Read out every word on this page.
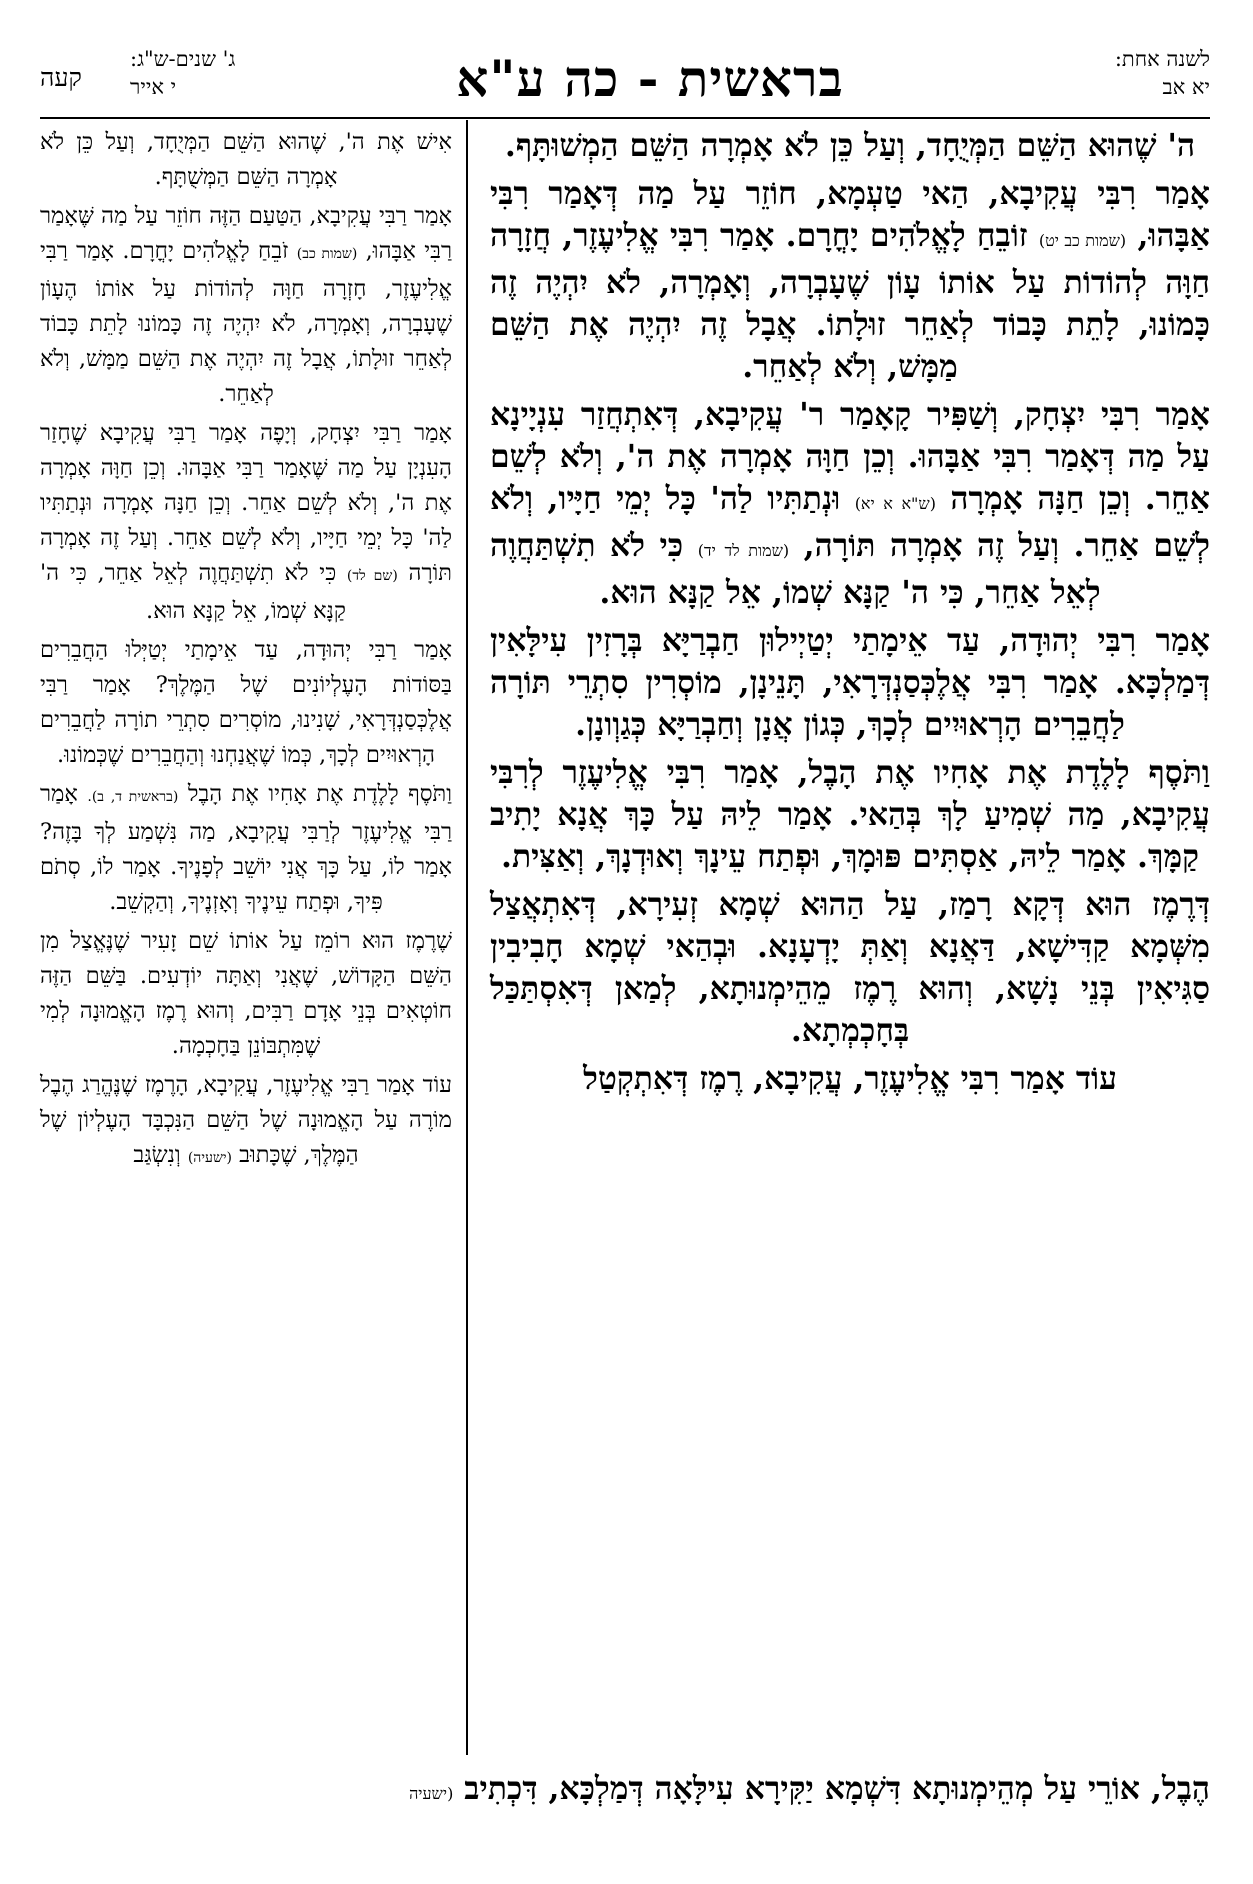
לשנה אחת:
יא אב
בראשית - כה ע"א
ג' שנים-ש"ג:
י אייר
קעה

ה' שֶׁהוּא הַשֵּׁם הַמְּיֻחָד, וְעַל כֵּן לֹא אָמְרָה הַשֵּׁם הַמְשׁוּתָּף.

אָמַר רִבִּי עֲקִיבָא, הַאי טַעְמָא, חוֹזֵר עַל מַה דְּאָמַר רִבִּי אַבָּהוּ, (שמות כב יט) זוֹבֵחַ לָאֱלֹהִים יָחֳרָם. אָמַר רִבִּי אֱלִיעֶזֶר, חֲזָרָה חַוָּה לְהוֹדוֹת עַל אוֹתוֹ עָוֹן שֶׁעָבְרָה, וְאָמְרָה, לֹא יִהְיֶה זֶה כָּמוֹנוּ, לָתֵת כָּבוֹד לְאַחֵר זוּלָתוֹ. אֲבָל זֶה יִהְיֶה אֶת הַשֵּׁם מַמָּשׁ, וְלֹא לְאַחֵר.

אָמַר רִבִּי יִצְחָק, וְשַׁפִּיר קָאָמַר ר' עֲקִיבָא, דְּאִתְחֲזַר עִנְיָינָא עַל מַה דְּאָמַר רִבִּי אַבָּהוּ. וְכֵן חַוָּה אָמְרָה אֶת ה', וְלֹא לְשֵׁם אַחֵר. וְכֵן חַנָּה אָמְרָה (ש"א א יא) וּנְתַתִּיו לַה' כָּל יְמֵי חַיָּיו, וְלֹא לְשֵׁם אַחֵר. וְעַל זֶה אָמְרָה תּוֹרָה, (שמות לד יד) כִּי לֹא תִשְׁתַּחֲוֶה לְאֵל אַחֵר, כִּי ה' קַנָּא שְׁמוֹ, אֵל קַנָּא הוּא.

אָמַר רִבִּי יְהוּדָה, עַד אֵימָתַי יְטַיְילוּן חַבְרַיָּא בְּרָזִין עִילָּאִין דְּמַלְכָּא. אָמַר רִבִּי אֲלֶכְּסַנְדְּרָאִי, תָּנֵינָן, מוֹסְרִין סִתְרֵי תּוֹרָה לַחֲבֵרִים הָרְאוּיִים לְכָךְ, כְּגוֹן אֲנָן וְחַבְרַיָּא כְּגַוְונָן.

וַתֹּסֶף לָלֶדֶת אֶת אָחִיו אֶת הָבֶל, אָמַר רִבִּי אֱלִיעֶזֶר לְרִבִּי עֲקִיבָא, מַה שְׁמִיעַ לָךְ בְּהַאי. אָמַר לֵיהּ עַל כָּךְ אֲנָא יָתִיב קַמָּךְ. אָמַר לֵיהּ, אַסְתִּים פּוּמָךְ, וּפְתַח עֵינָךְ וְאוּדְנָךְ, וְאַצִּית.

דְּרֶמֶז הוּא דְּקָא רָמַז, עַל הַהוּא שְׁמָא זְעִירָא, דְּאִתְאֲצַל מִשְּׁמָא קַדִּישָׁא, דַּאֲנָא וְאַתְּ יָדְעָנָא. וּבְהַאי שְׁמָא חָבִיבִין סַגִּיאִין בְּנֵי נָשָׁא, וְהוּא רֶמֶז מֵהֵימְנוּתָא, לְמַאן דְּאִסְתַּכַּל בְּחָכְמְתָא.

עוֹד אָמַר רִבִּי אֱלִיעֶזֶר, עֲקִיבָא, רֶמֶז דְּאִתְקְטַל

אִישׁ אֶת ה', שֶׁהוּא הַשֵּׁם הַמְּיֻחָד, וְעַל כֵּן לֹא אָמְרָה הַשֵּׁם הַמְּשֻׁתָּף.

אָמַר רַבִּי עֲקִיבָא, הַטַּעַם הַזֶּה חוֹזֵר עַל מַה שֶּׁאָמַר רַבִּי אַבָּהוּ, (שמות כב) זֹבֵחַ לָאֱלֹהִים יָחֳרָם. אָמַר רַבִּי אֱלִיעֶזֶר, חָזְרָה חַוָּה לְהוֹדוֹת עַל אוֹתוֹ הֶעָוֹן שֶׁעָבְרָה, וְאָמְרָה, לֹא יִהְיֶה זֶה כָּמוֹנוּ לָתֵת כָּבוֹד לְאַחֵר זוּלָתוֹ, אֲבָל זֶה יִהְיֶה אֶת הַשֵּׁם מַמָּשׁ, וְלֹא לְאַחֵר.

אָמַר רַבִּי יִצְחָק, וְיָפֶה אָמַר רַבִּי עֲקִיבָא שֶׁחָזַר הָעִנְיָן עַל מַה שֶּׁאָמַר רַבִּי אַבָּהוּ. וְכֵן חַוָּה אָמְרָה אֶת ה', וְלֹא לְשֵׁם אַחֵר. וְכֵן חַנָּה אָמְרָה וּנְתַתִּיו לַה' כָּל יְמֵי חַיָּיו, וְלֹא לְשֵׁם אַחֵר. וְעַל זֶה אָמְרָה תּוֹרָה (שם לד) כִּי לֹא תִשְׁתַּחֲוֶה לְאֵל אַחֵר, כִּי ה' קַנָּא שְׁמוֹ, אֵל קַנָּא הוּא.

אָמַר רַבִּי יְהוּדָה, עַד אֵימָתַי יְטַיְּלוּ הַחֲבֵרִים בַּסּוֹדוֹת הָעֶלְיוֹנִים שֶׁל הַמֶּלֶךְ? אָמַר רַבִּי אֲלֶכְּסַנְדְּרָאִי, שָׁנִינוּ, מוֹסְרִים סִתְרֵי תוֹרָה לַחֲבֵרִים הָרְאוּיִים לְכָךְ, כְּמוֹ שֶׁאֲנַחְנוּ וְהַחֲבֵרִים שֶׁכְּמוֹנוּ.

וַתֹּסֶף לָלֶדֶת אֶת אָחִיו אֶת הָבֶל (בראשית ד, ב). אָמַר רַבִּי אֱלִיעֶזֶר לְרַבִּי עֲקִיבָא, מַה נִּשְׁמַע לְךָ בָּזֶה? אָמַר לוֹ, עַל כָּךְ אֲנִי יוֹשֵׁב לְפָנֶיךָ. אָמַר לוֹ, סְתֹם פִּיךָ, וּפְתַח עֵינֶיךָ וְאָזְנֶיךָ, וְהַקְשֵׁב.

שֶׁרֶמֶז הוּא רוֹמֵז עַל אוֹתוֹ שֵׁם זָעִיר שֶׁנֶּאֱצַל מִן הַשֵּׁם הַקָּדוֹשׁ, שֶׁאֲנִי וְאַתָּה יוֹדְעִים. בַּשֵּׁם הַזֶּה חוֹטְאִים בְּנֵי אָדָם רַבִּים, וְהוּא רֶמֶז הָאֱמוּנָה לְמִי שֶׁמִּתְבּוֹנֵן בַּחָכְמָה.

עוֹד אָמַר רַבִּי אֱלִיעֶזֶר, עֲקִיבָא, הָרֶמֶז שֶׁנֶּהֱרַג הֶבֶל מוֹרֶה עַל הָאֱמוּנָה שֶׁל הַשֵּׁם הַנִּכְבָּד הָעֶלְיוֹן שֶׁל הַמֶּלֶךְ, שֶׁכָּתוּב (ישעיה) וְנִשְׂגַּב

הֶבֶל, אוֹרֵי עַל מְהֵימְנוּתָא דִּשְׁמָא יַקִּירָא עִילָּאָה דְּמַלְכָּא, דִּכְתִיב (ישעיה
